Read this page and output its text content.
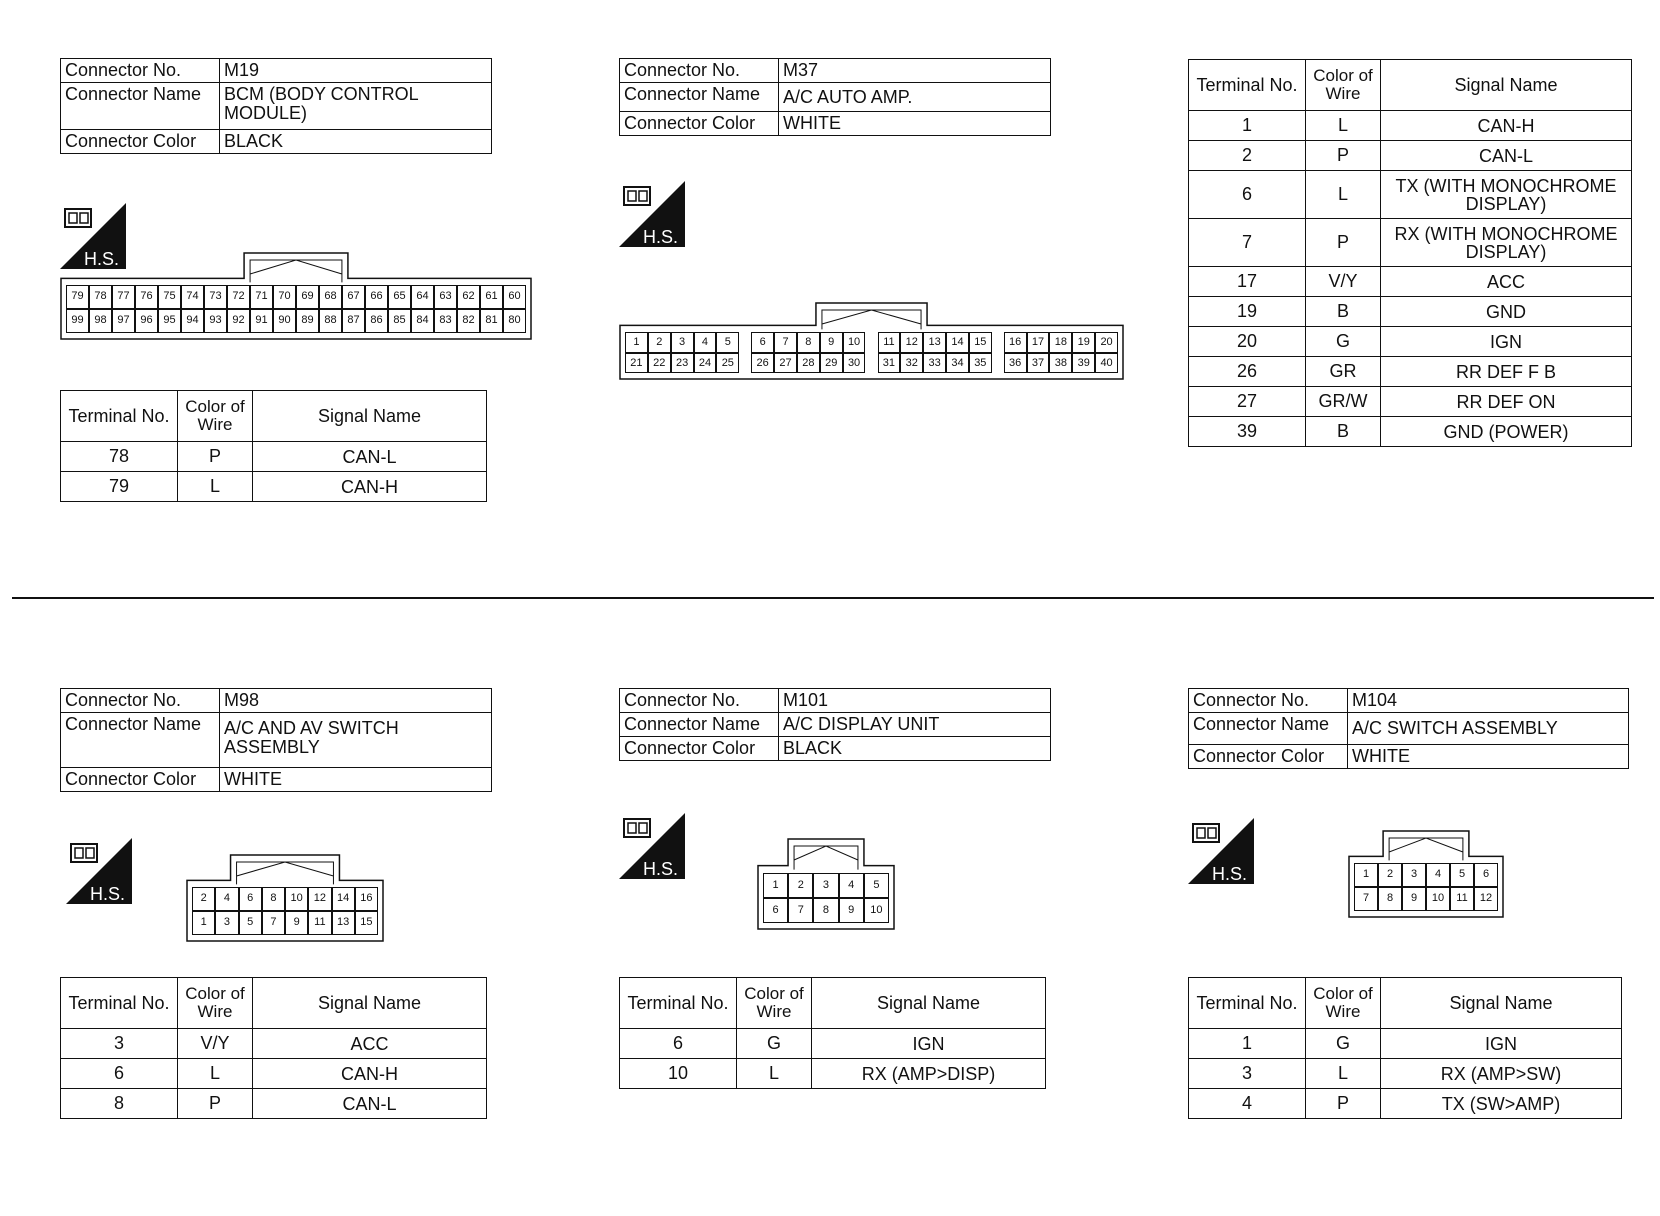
Connector No.	M19
Connector Name	BCM (BODY CONTROL MODULE)
Connector Color	BLACK
H.S.
79 78 77 76 75 74 73 72 71 70 69 68 67 66 65 64 63 62 61 60
99 98 97 96 95 94 93 92 91 90 89 88 87 86 85 84 83 82 81 80
Terminal No.	Color of Wire	Signal Name
78	P	CAN-L
79	L	CAN-H
Connector No.	M37
Connector Name	A/C AUTO AMP.
Connector Color	WHITE
H.S.
1	2	3	4	5	6	7	8	9	10	11	12 13 14 15	16 17 18 19 20
21 22 23 24 25	26 27 28 29 30	31 32 33 34 35	36 37 38 39 40
Terminal No.	Color of Wire	Signal Name
1	L	CAN-H
2	P	CAN-L
6	L	TX (WITH MONOCHROME DISPLAY)
7	P	RX (WITH MONOCHROME DISPLAY)
17	V/Y	ACC
19	B	GND
20	G	IGN
26	GR	RR DEF F B
27	GR/W	RR DEF ON
39	B	GND (POWER)
Connector No.	M98
Connector Name	A/C AND AV SWITCH ASSEMBLY
Connector Color	WHITE
H.S.	2	4	6	8	10	12	14	16
1	3	5	7	9	11	13	15
Terminal No.	Color of Wire	Signal Name
3	V/Y	ACC
6	L	CAN-H
8	P	CAN-L
Connector No.	M101
Connector Name	A/C DISPLAY UNIT
Connector Color	BLACK
H.S.
1	2	3	4	5
6	7	8	9	10
Terminal No.	Color of Wire	Signal Name
6	G	IGN
10	L	RX (AMP>DISP)
Connector No.	M104
Connector Name	A/C SWITCH ASSEMBLY
Connector Color	WHITE
H.S.	1	2	3	4	5	6
7	8	9	10	11	12
Terminal No.	Color of Wire	Signal Name
1	G	IGN
3	L	RX (AMP>SW)
4	P	TX (SW>AMP)
